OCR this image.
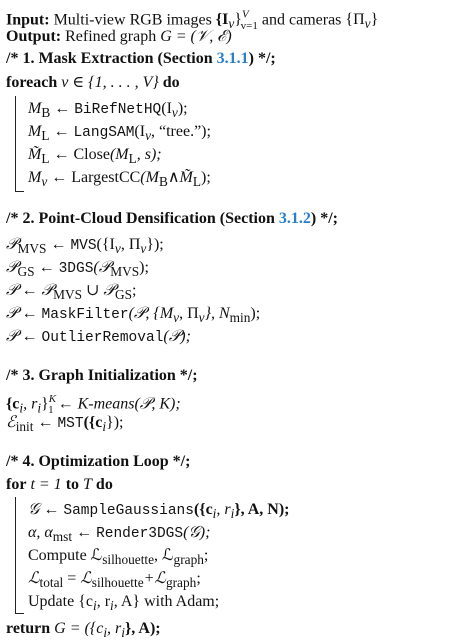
Input: Multi-view RGB images $\{I_v\}^V_{v=1}$ and cameras $\{\Pi_v\}$
Output: Refined graph G = (𝒱, ℰ)
/* 1. Mask Extraction (Section 3.1.1) */;
foreach v ∈ {1, . . . , V} do
$M_B$ ← $BiRefNetHQ(I_v)$;
$M_L$ ← $LangSAM(I_v$, “tree.”);
$M̃_L$ ← $Close(M_L$, s);
$M_v$ ← $LargestCC(M_B\wedge M̃_L)$;
/* 2. Point-Cloud Densification (Section 3.1.2) */;
𝒫$_{MVS}$ ← $MVS(\{I_v$, $\Pi_v$});
𝒫$_{GS}$ ← 3DGS(𝒫$_{MVS}$);
𝒫 ← 𝒫$_{MVS}$ ∪ 𝒫$_{GS}$;
𝒫 ← MaskFilter(𝒫, {$M_v$, $\Pi_v$}, $N_{min}$);
𝒫 ← OutlierRemoval(𝒫);
/* 3. Graph Initialization */;
{$c_i$, $r_i\}^K_1$ ← K-means(𝒫, K);
ℰ$_{init}$ ← $MST(\{c_i\})$;
/* 4. Optimization Loop */;
for t = 1 to T do
𝒢 ← $SampleGaussians(\{c_i$, $r_i$}, A, N);
α, $\alpha_{mst}$ ← Render3DGS(𝒢);
Compute ℒ$_{silhouette}$, ℒ$_{graph}$;
ℒ$_{total}$ = ℒ$_{silhouette}$+ℒ$_{graph}$;
Update {$c_i$, $r_i$, A} with Adam;
return $G = (\{c_i$, $r_i$}, A);
